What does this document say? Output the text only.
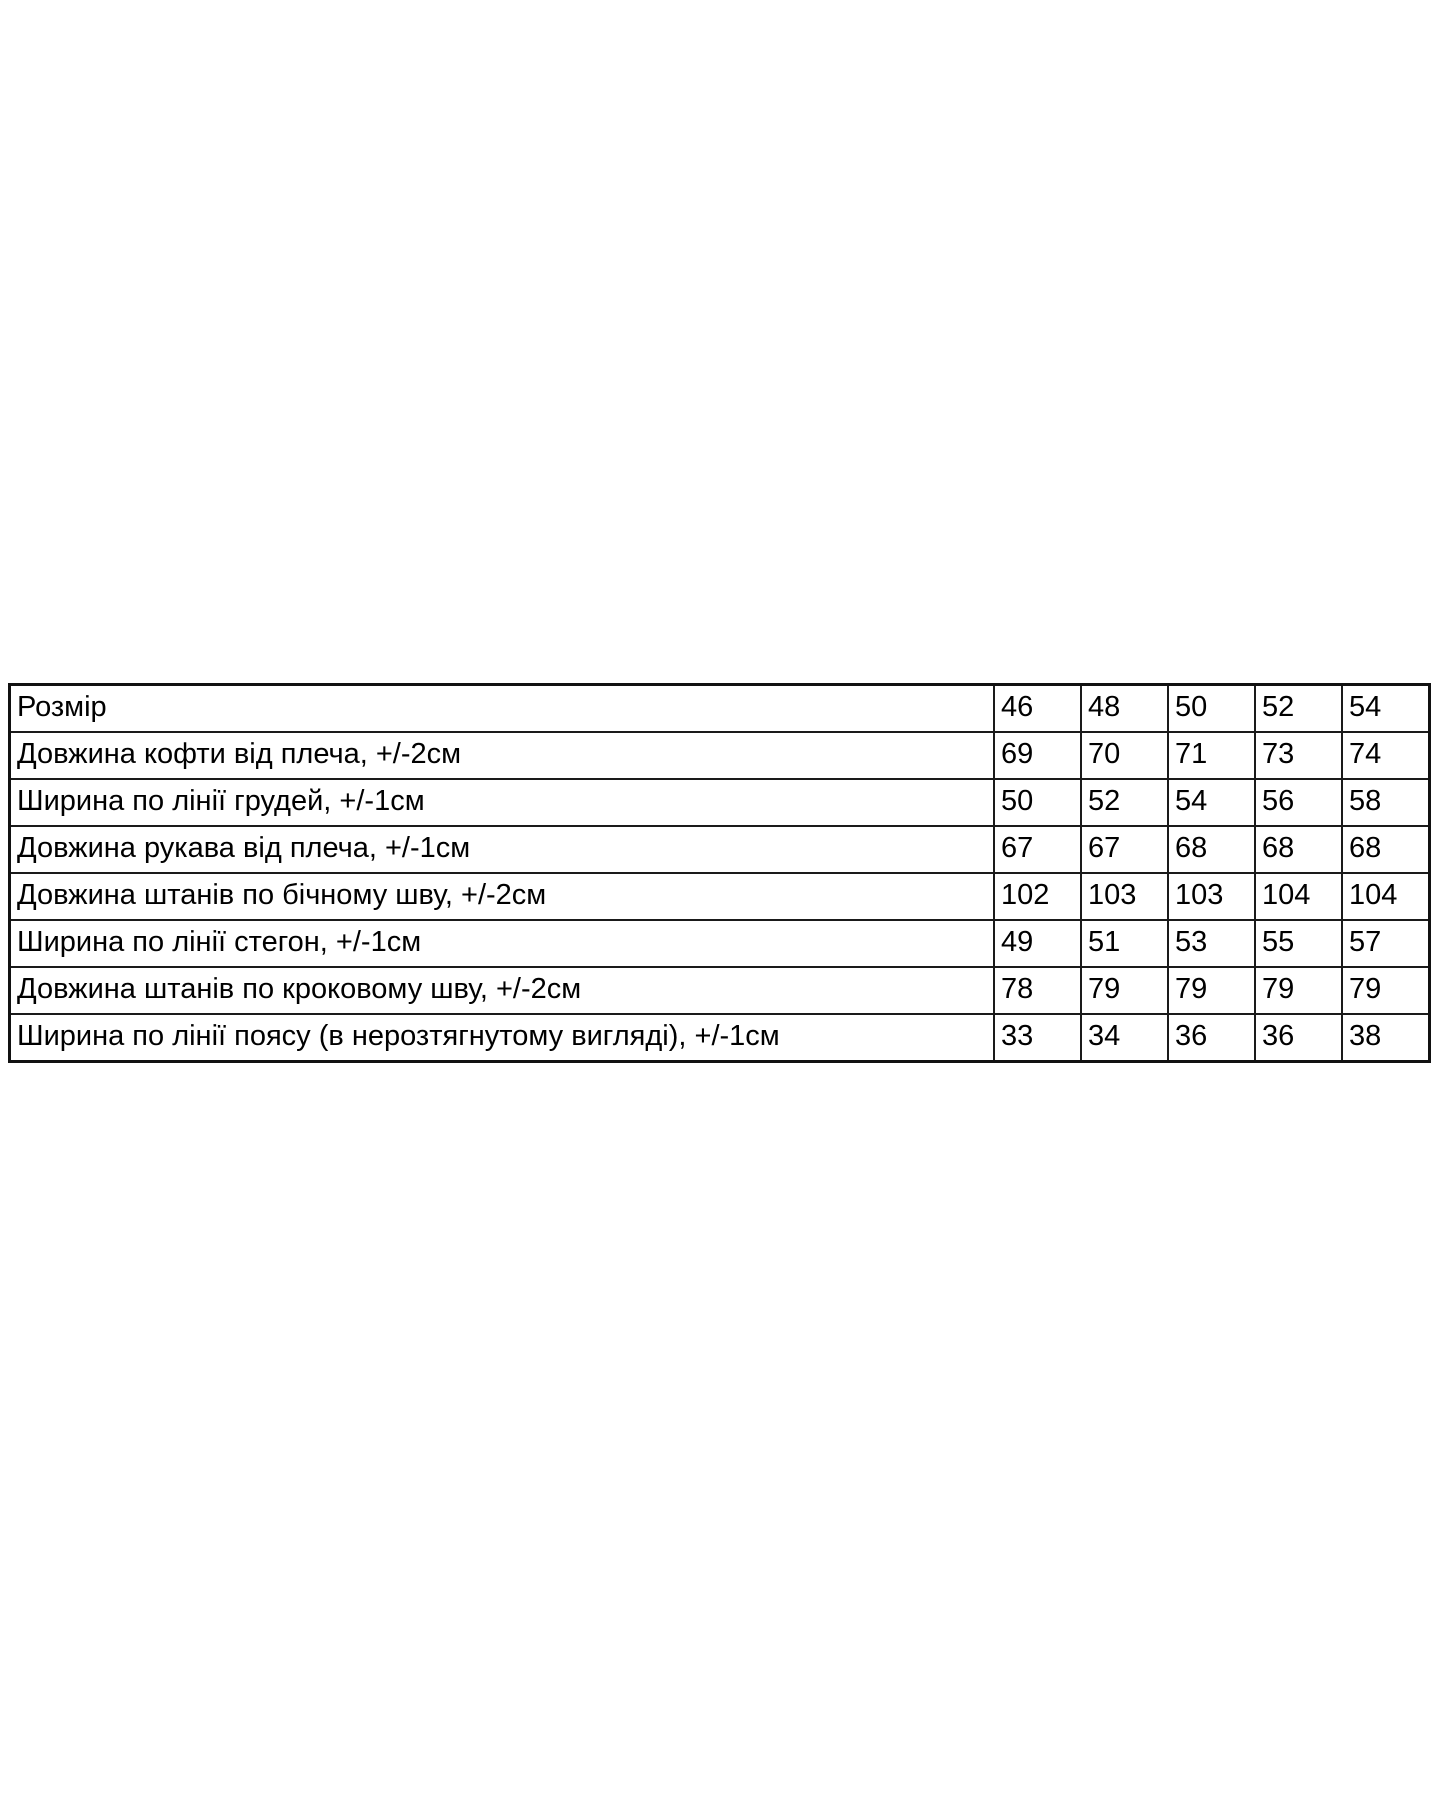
Розмір	46	48	50	52	54
Довжина кофти від плеча, +/-2см	69	70	71	73	74
Ширина по лінії грудей, +/-1см	50	52	54	56	58
Довжина рукава від плеча, +/-1см	67	67	68	68	68
Довжина штанів по бічному шву, +/-2см	102	103	103	104	104
Ширина по лінії стегон, +/-1см	49	51	53	55	57
Довжина штанів по кроковому шву, +/-2см	78	79	79	79	79
Ширина по лінії поясу (в нерозтягнутому вигляді), +/-1см	33	34	36	36	38
